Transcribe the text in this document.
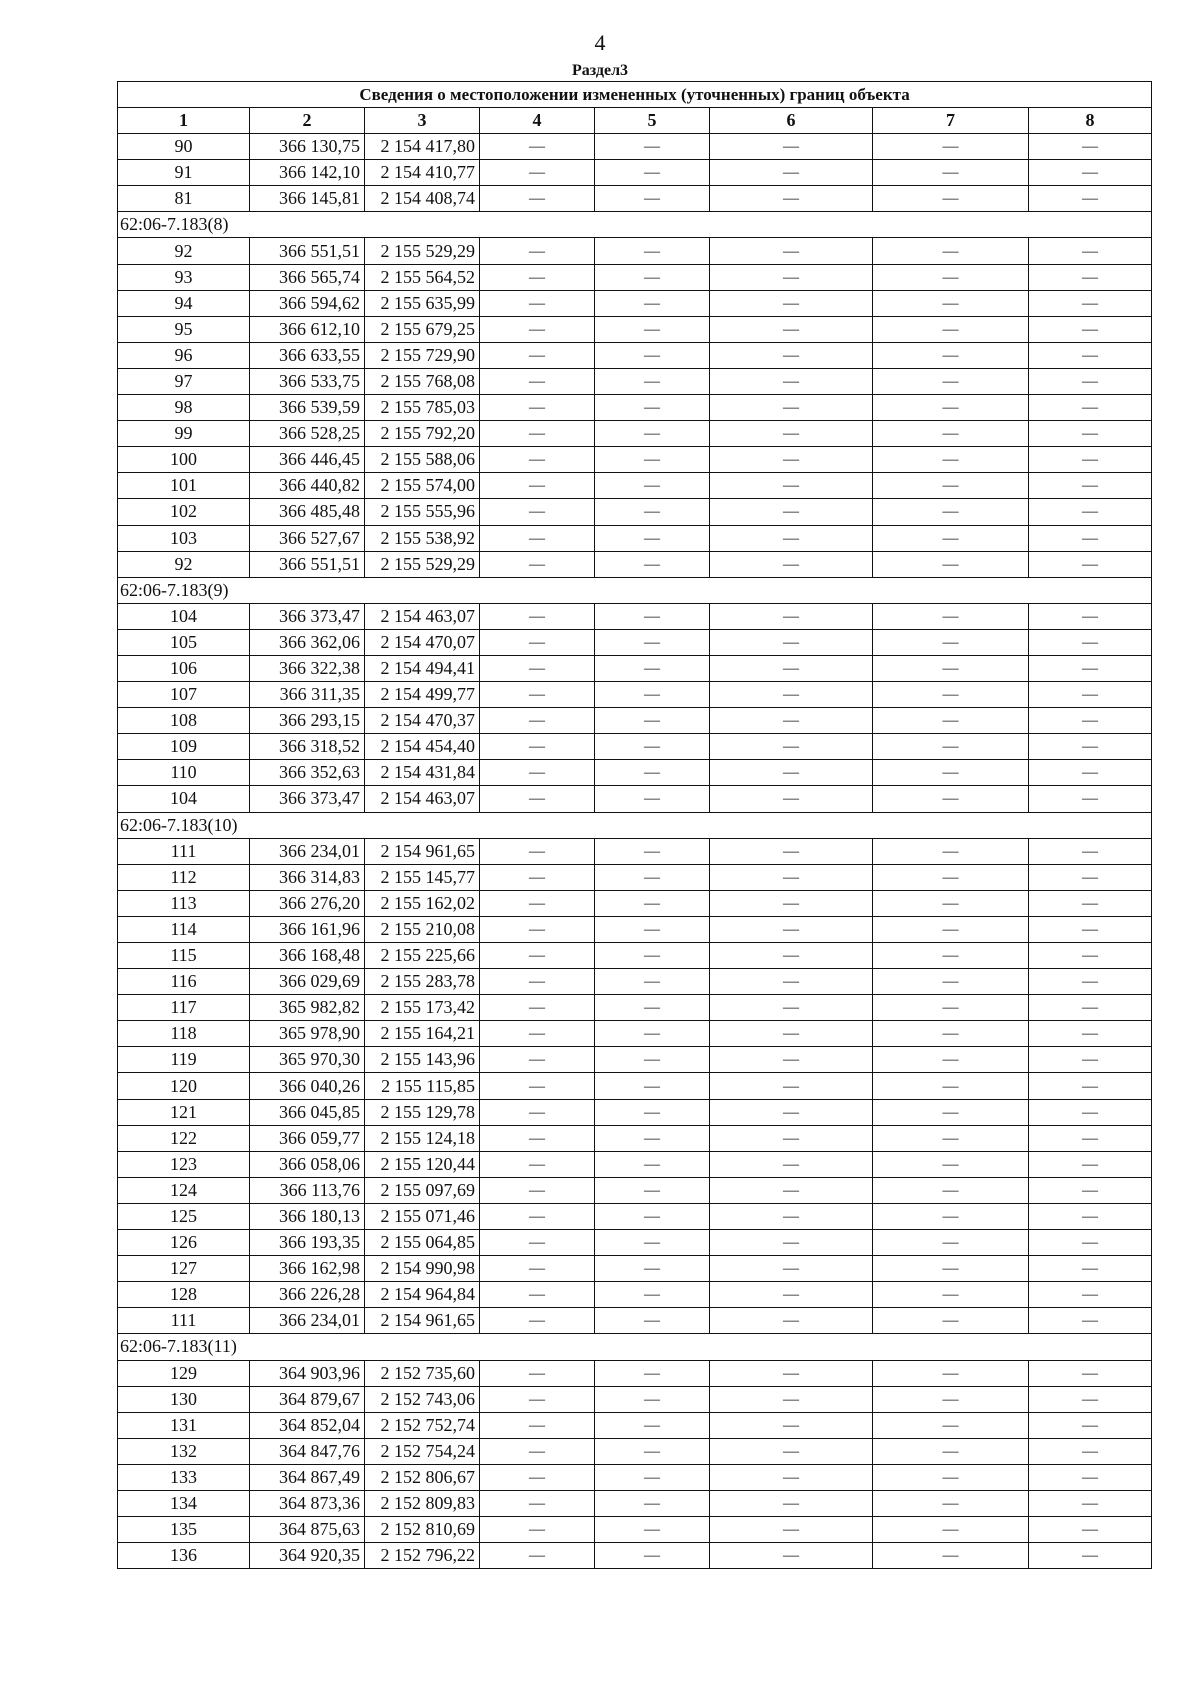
4
Раздел3
Сведения о местоположении измененных (уточненных) границ объекта							
1	2	3	4	5	6	7	8
90	366 130,75	2 154 417,80	—	—	—	—	—
91	366 142,10	2 154 410,77	—	—	—	—	—
81	366 145,81	2 154 408,74	—	—	—	—	—
62:06-7.183(8)							
92	366 551,51	2 155 529,29	—	—	—	—	—
93	366 565,74	2 155 564,52	—	—	—	—	—
94	366 594,62	2 155 635,99	—	—	—	—	—
95	366 612,10	2 155 679,25	—	—	—	—	—
96	366 633,55	2 155 729,90	—	—	—	—	—
97	366 533,75	2 155 768,08	—	—	—	—	—
98	366 539,59	2 155 785,03	—	—	—	—	—
99	366 528,25	2 155 792,20	—	—	—	—	—
100	366 446,45	2 155 588,06	—	—	—	—	—
101	366 440,82	2 155 574,00	—	—	—	—	—
102	366 485,48	2 155 555,96	—	—	—	—	—
103	366 527,67	2 155 538,92	—	—	—	—	—
92	366 551,51	2 155 529,29	—	—	—	—	—
62:06-7.183(9)							
104	366 373,47	2 154 463,07	—	—	—	—	—
105	366 362,06	2 154 470,07	—	—	—	—	—
106	366 322,38	2 154 494,41	—	—	—	—	—
107	366 311,35	2 154 499,77	—	—	—	—	—
108	366 293,15	2 154 470,37	—	—	—	—	—
109	366 318,52	2 154 454,40	—	—	—	—	—
110	366 352,63	2 154 431,84	—	—	—	—	—
104	366 373,47	2 154 463,07	—	—	—	—	—
62:06-7.183(10)							
111	366 234,01	2 154 961,65	—	—	—	—	—
112	366 314,83	2 155 145,77	—	—	—	—	—
113	366 276,20	2 155 162,02	—	—	—	—	—
114	366 161,96	2 155 210,08	—	—	—	—	—
115	366 168,48	2 155 225,66	—	—	—	—	—
116	366 029,69	2 155 283,78	—	—	—	—	—
117	365 982,82	2 155 173,42	—	—	—	—	—
118	365 978,90	2 155 164,21	—	—	—	—	—
119	365 970,30	2 155 143,96	—	—	—	—	—
120	366 040,26	2 155 115,85	—	—	—	—	—
121	366 045,85	2 155 129,78	—	—	—	—	—
122	366 059,77	2 155 124,18	—	—	—	—	—
123	366 058,06	2 155 120,44	—	—	—	—	—
124	366 113,76	2 155 097,69	—	—	—	—	—
125	366 180,13	2 155 071,46	—	—	—	—	—
126	366 193,35	2 155 064,85	—	—	—	—	—
127	366 162,98	2 154 990,98	—	—	—	—	—
128	366 226,28	2 154 964,84	—	—	—	—	—
111	366 234,01	2 154 961,65	—	—	—	—	—
62:06-7.183(11)							
129	364 903,96	2 152 735,60	—	—	—	—	—
130	364 879,67	2 152 743,06	—	—	—	—	—
131	364 852,04	2 152 752,74	—	—	—	—	—
132	364 847,76	2 152 754,24	—	—	—	—	—
133	364 867,49	2 152 806,67	—	—	—	—	—
134	364 873,36	2 152 809,83	—	—	—	—	—
135	364 875,63	2 152 810,69	—	—	—	—	—
136	364 920,35	2 152 796,22	—	—	—	—	—
